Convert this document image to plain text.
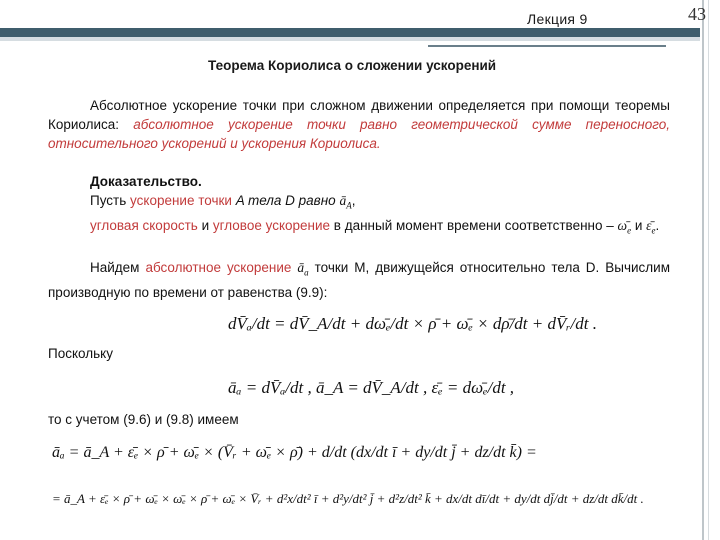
Лекция 9	43
Теорема Кориолиса о сложении ускорений
Абсолютное ускорение точки при сложном движении определяется при помощи теоремы Кориолиса: абсолютное ускорение точки равно геометрической сумме переносного, относительного ускорений и ускорения Кориолиса.
Доказательство.
Пусть ускорение точки A тела D равно $ā_A$,
угловая скорость и угловое ускорение в данный момент времени соответственно – $\omegā_e$ и $\varepsilon̄_e$.
Найдем абсолютное ускорение $ā_a$ точки M, движущейся относительно тела D. Вычислим производную по времени от равенства (9.9):
dV̄ₐ/dt = dV̄_A/dt + dω̄ₑ/dt × ρ̄ + ω̄ₑ × dρ̄/dt + dV̄ᵣ/dt .
Поскольку
āₐ = dV̄ₐ/dt , ā_A = dV̄_A/dt , ε̄ₑ = dω̄ₑ/dt ,
то с учетом (9.6) и (9.8) имеем
āₐ = ā_A + ε̄ₑ × ρ̄ + ω̄ₑ × (V̄ᵣ + ω̄ₑ × ρ̄) + d/dt (dx/dt ī + dy/dt j̄ + dz/dt k̄) =
= ā_A + ε̄ₑ × ρ̄ + ω̄ₑ × ω̄ₑ × ρ̄ + ω̄ₑ × V̄ᵣ + d²x/dt² ī + d²y/dt² j̄ + d²z/dt² k̄ + dx/dt dī/dt + dy/dt dj̄/dt + dz/dt dk̄/dt .
